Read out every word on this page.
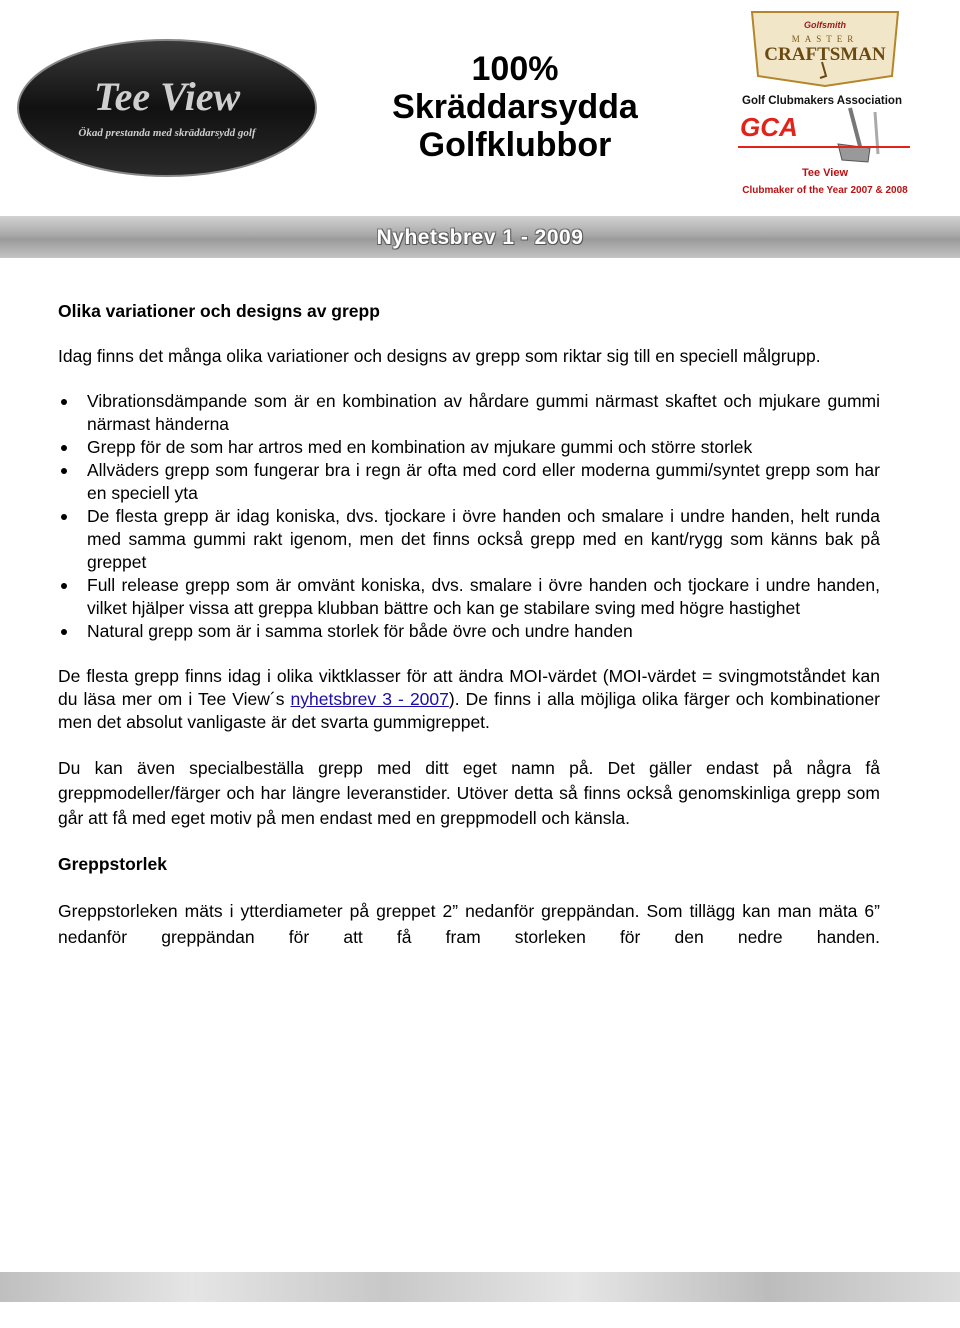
Tee View
Ökad prestanda med skräddarsydd golf
100%
Skräddarsydda
Golfklubbor
Golfsmith
MASTER
CRAFTSMAN
Golf Clubmakers Association
GCA
Tee View
Clubmaker of the Year 2007 & 2008
Nyhetsbrev 1 - 2009

Olika variationer och designs av grepp

Idag finns det många olika variationer och designs av grepp som riktar sig till en speciell målgrupp.

Vibrationsdämpande som är en kombination av hårdare gummi närmast skaftet och mjukare gummi närmast händerna
Grepp för de som har artros med en kombination av mjukare gummi och större storlek
Allväders grepp som fungerar bra i regn är ofta med cord eller moderna gummi/syntet grepp som har en speciell yta
De flesta grepp är idag koniska, dvs. tjockare i övre handen och smalare i undre handen, helt runda med samma gummi rakt igenom, men det finns också grepp med en kant/rygg som känns bak på greppet
Full release grepp som är omvänt koniska, dvs. smalare i övre handen och tjockare i undre handen, vilket hjälper vissa att greppa klubban bättre och kan ge stabilare sving med högre hastighet
Natural grepp som är i samma storlek för både övre och undre handen

De flesta grepp finns idag i olika viktklasser för att ändra MOI-värdet (MOI-värdet = svingmotståndet kan du läsa mer om i Tee View´s nyhetsbrev 3 - 2007). De finns i alla möjliga olika färger och kombinationer men det absolut vanligaste är det svarta gummigreppet.

Du kan även specialbeställa grepp med ditt eget namn på. Det gäller endast på några få greppmodeller/färger och har längre leveranstider. Utöver detta så finns också genomskinliga grepp som går att få med eget motiv på men endast med en greppmodell och känsla.

Greppstorlek

Greppstorleken mäts i ytterdiameter på greppet 2” nedanför greppändan. Som tillägg kan man mäta 6” nedanför greppändan för att få fram storleken för den nedre handen.
